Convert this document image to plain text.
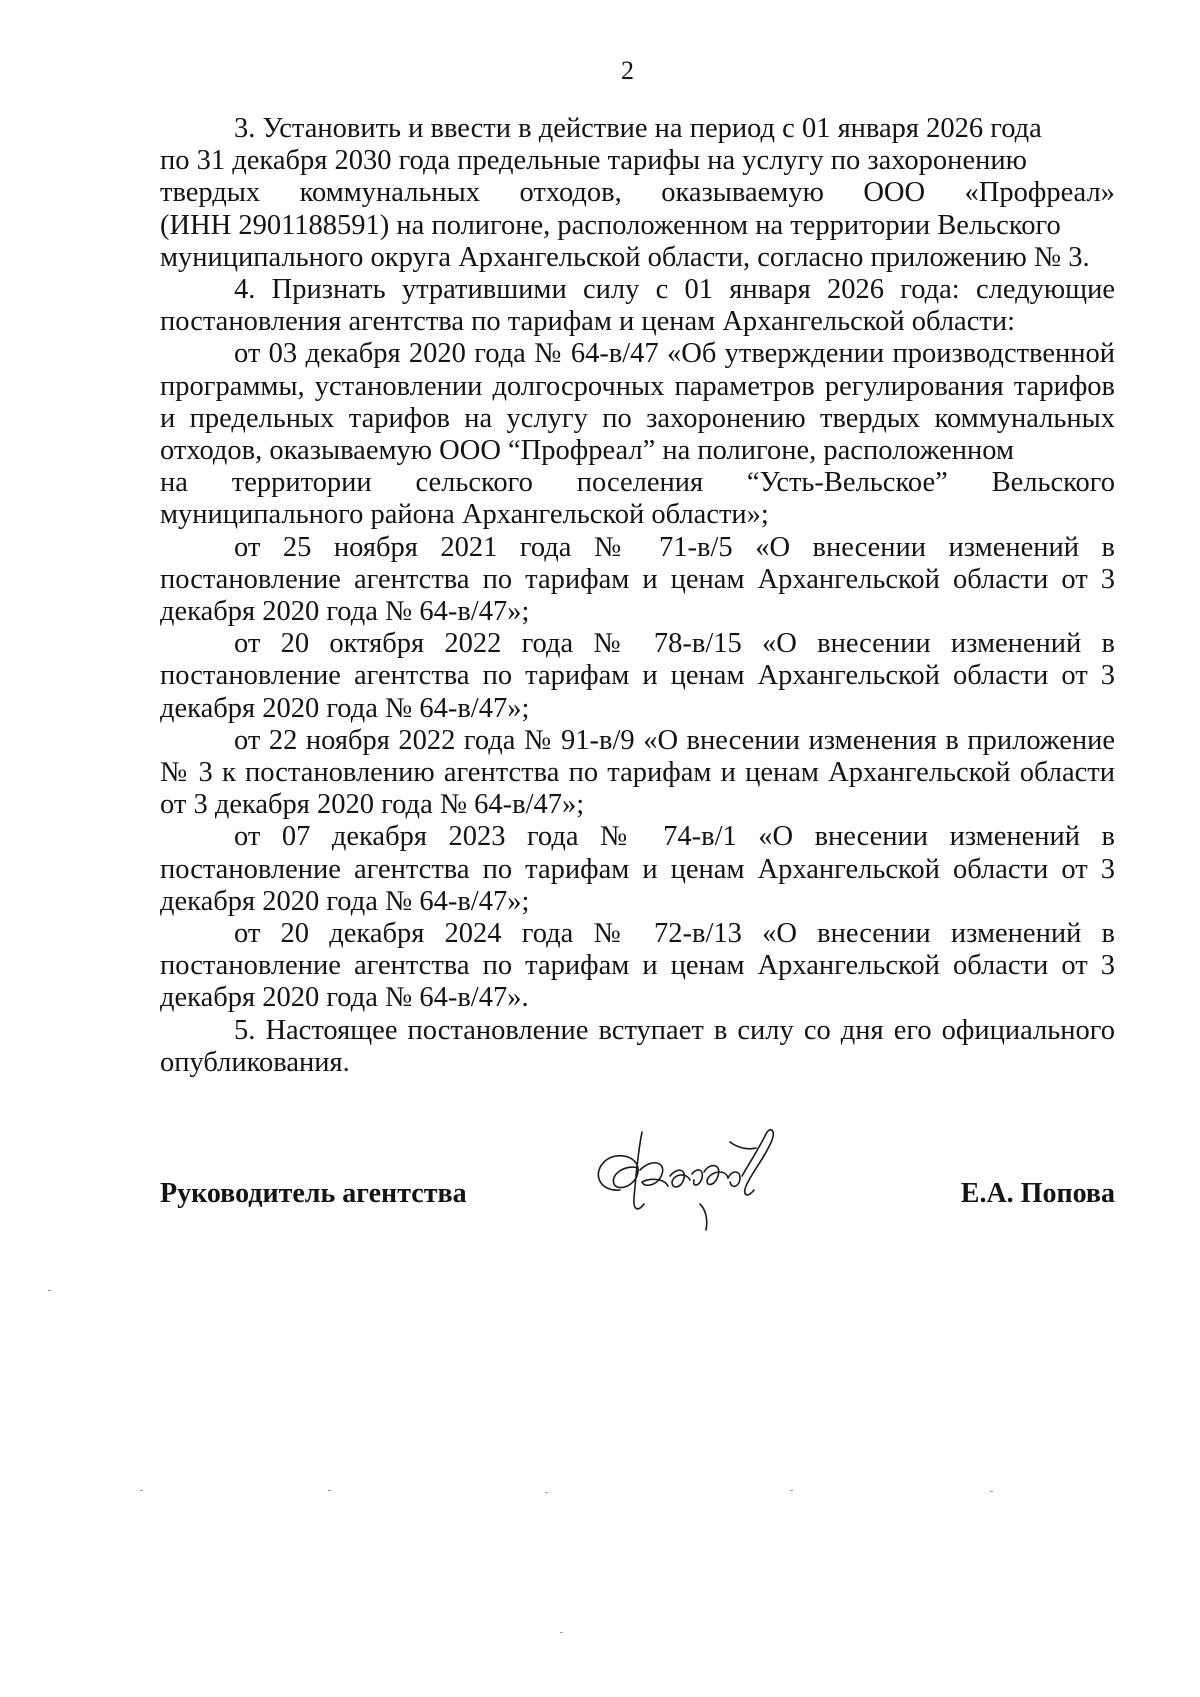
2
3. Установить и ввести в действие на период с 01 января 2026 года
по 31 декабря 2030 года предельные тарифы на услугу по захоронению
твердых коммунальных отходов, оказываемую ООО «Профреал»
(ИНН 2901188591) на полигоне, расположенном на территории Вельского
муниципального округа Архангельской области, согласно приложению № 3.

4. Признать утратившими силу с 01 января 2026 года: следующие постановления агентства по тарифам и ценам Архангельской области:

от 03 декабря 2020 года № 64-в/47 «Об утверждении производственной программы, установлении долгосрочных параметров регулирования тарифов и предельных тарифов на услугу по захоронению твердых коммунальных отходов, оказываемую ООО “Профреал” на полигоне, расположенном

на территории сельского поселения “Усть-Вельское” Вельского

муниципального района Архангельской области»;

от 25 ноября 2021 года № 71-в/5 «О внесении изменений в постановление агентства по тарифам и ценам Архангельской области от 3 декабря 2020 года № 64-в/47»;

от 20 октября 2022 года № 78-в/15 «О внесении изменений в постановление агентства по тарифам и ценам Архангельской области от 3 декабря 2020 года № 64-в/47»;

от 22 ноября 2022 года № 91-в/9 «О внесении изменения в приложение № 3 к постановлению агентства по тарифам и ценам Архангельской области от 3 декабря 2020 года № 64-в/47»;

от 07 декабря 2023 года № 74-в/1 «О внесении изменений в постановление агентства по тарифам и ценам Архангельской области от 3 декабря 2020 года № 64-в/47»;

от 20 декабря 2024 года № 72-в/13 «О внесении изменений в постановление агентства по тарифам и ценам Архангельской области от 3 декабря 2020 года № 64-в/47».

5. Настоящее постановление вступает в силу со дня его официального опубликования.

Руководитель агентства	Е.А. Попова
